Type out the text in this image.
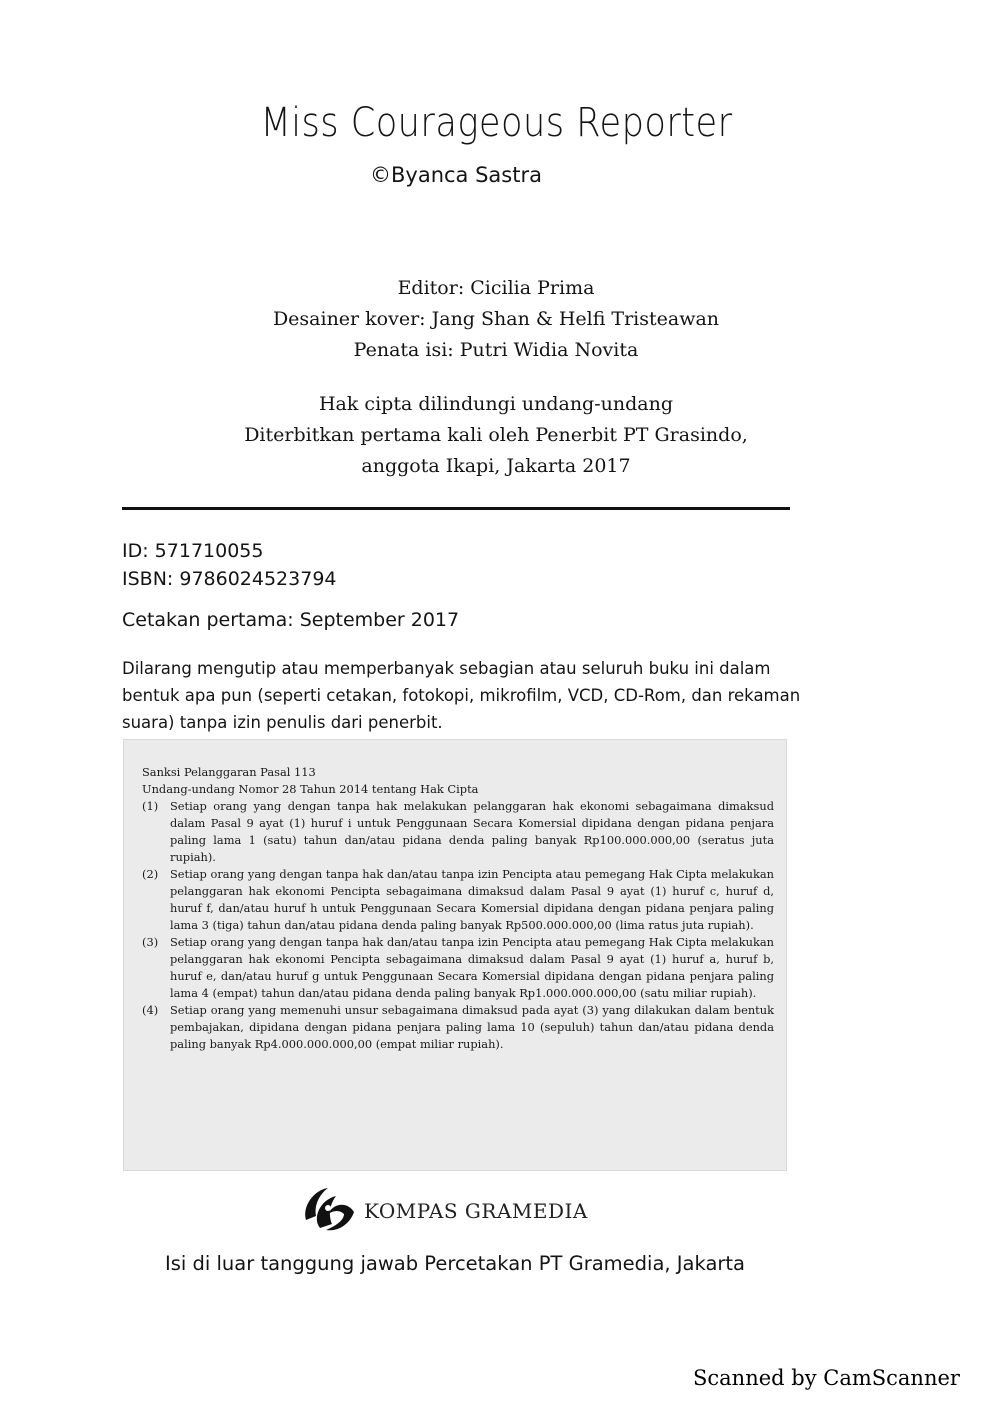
Miss Courageous Reporter
©Byanca Sastra
Editor: Cicilia Prima
Desainer kover: Jang Shan & Helfi Tristeawan
Penata isi: Putri Widia Novita
Hak cipta dilindungi undang-undang
Diterbitkan pertama kali oleh Penerbit PT Grasindo,
anggota Ikapi, Jakarta 2017
ID: 571710055
ISBN: 9786024523794
Cetakan pertama: September 2017
Dilarang mengutip atau memperbanyak sebagian atau seluruh buku ini dalam bentuk apa pun (seperti cetakan, fotokopi, mikrofilm, VCD, CD-Rom, dan rekaman suara) tanpa izin penulis dari penerbit.

Sanksi Pelanggaran Pasal 113

Undang-undang Nomor 28 Tahun 2014 tentang Hak Cipta

(1)	Setiap orang yang dengan tanpa hak melakukan pelanggaran hak ekonomi sebagaimana dimaksud dalam Pasal 9 ayat (1) huruf i untuk Penggunaan Secara Komersial dipidana dengan pidana penjara paling lama 1 (satu) tahun dan/atau pidana denda paling banyak Rp100.000.000,00 (seratus juta rupiah).
(2)	Setiap orang yang dengan tanpa hak dan/atau tanpa izin Pencipta atau pemegang Hak Cipta melakukan pelanggaran hak ekonomi Pencipta sebagaimana dimaksud dalam Pasal 9 ayat (1) huruf c, huruf d, huruf f, dan/atau huruf h untuk Penggunaan Secara Komersial dipidana dengan pidana penjara paling lama 3 (tiga) tahun dan/atau pidana denda paling banyak Rp500.000.000,00 (lima ratus juta rupiah).
(3)	Setiap orang yang dengan tanpa hak dan/atau tanpa izin Pencipta atau pemegang Hak Cipta melakukan pelanggaran hak ekonomi Pencipta sebagaimana dimaksud dalam Pasal 9 ayat (1) huruf a, huruf b, huruf e, dan/atau huruf g untuk Penggunaan Secara Komersial dipidana dengan pidana penjara paling lama 4 (empat) tahun dan/atau pidana denda paling banyak Rp1.000.000.000,00 (satu miliar rupiah).
(4)	Setiap orang yang memenuhi unsur sebagaimana dimaksud pada ayat (3) yang dilakukan dalam bentuk pembajakan, dipidana dengan pidana penjara paling lama 10 (sepuluh) tahun dan/atau pidana denda paling banyak Rp4.000.000.000,00 (empat miliar rupiah).
KOMPAS GRAMEDIA
Isi di luar tanggung jawab Percetakan PT Gramedia, Jakarta
Scanned by CamScanner
